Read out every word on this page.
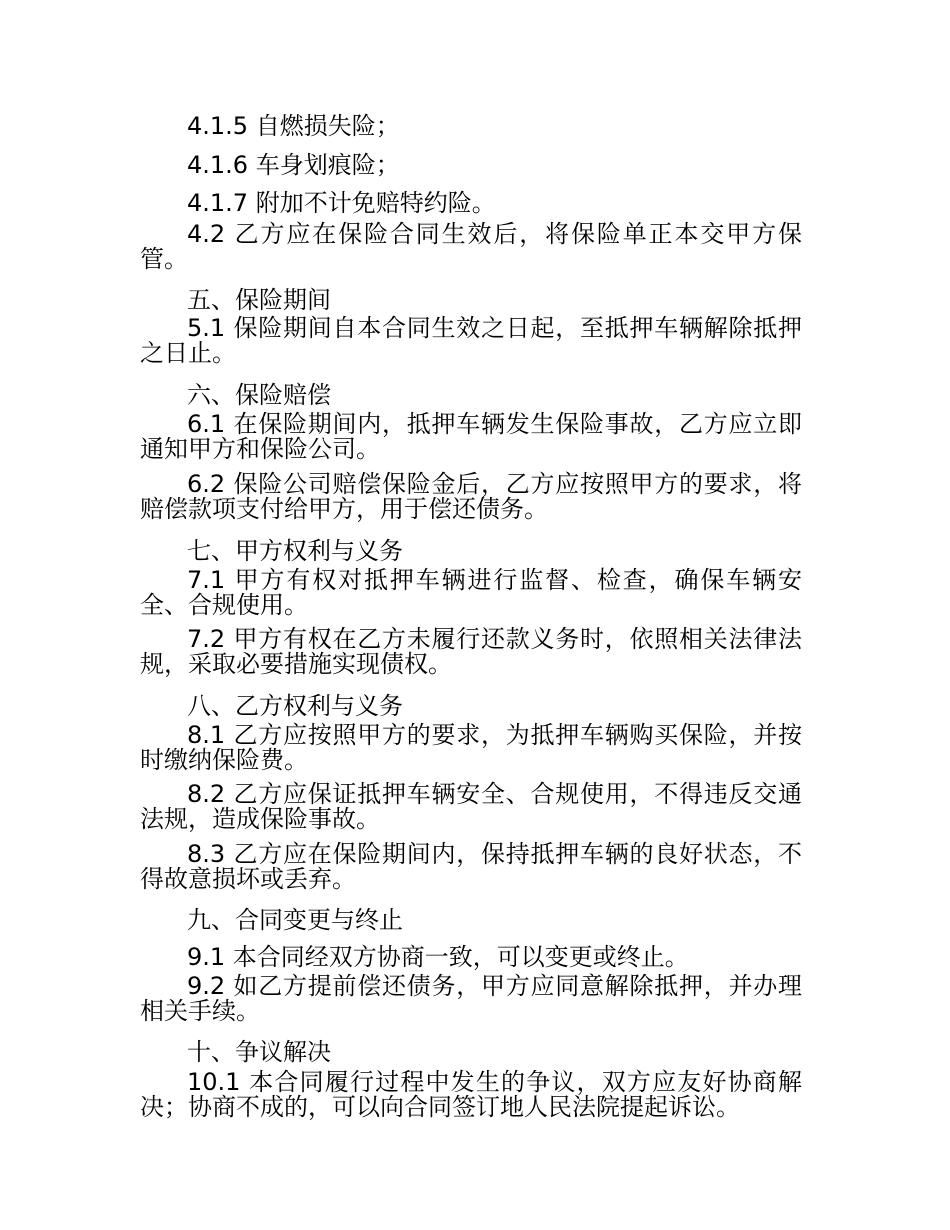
4.1.5 自燃损失险；
4.1.6 车身划痕险；
4.1.7 附加不计免赔特约险。
4.2 乙方应在保险合同生效后，将保险单正本交甲方保管。
五、保险期间
5.1 保险期间自本合同生效之日起，至抵押车辆解除抵押之日止。
六、保险赔偿
6.1 在保险期间内，抵押车辆发生保险事故，乙方应立即通知甲方和保险公司。
6.2 保险公司赔偿保险金后，乙方应按照甲方的要求，将赔偿款项支付给甲方，用于偿还债务。
七、甲方权利与义务
7.1 甲方有权对抵押车辆进行监督、检查，确保车辆安全、合规使用。
7.2 甲方有权在乙方未履行还款义务时，依照相关法律法规，采取必要措施实现债权。
八、乙方权利与义务
8.1 乙方应按照甲方的要求，为抵押车辆购买保险，并按时缴纳保险费。
8.2 乙方应保证抵押车辆安全、合规使用，不得违反交通法规，造成保险事故。
8.3 乙方应在保险期间内，保持抵押车辆的良好状态，不得故意损坏或丢弃。
九、合同变更与终止
9.1 本合同经双方协商一致，可以变更或终止。
9.2 如乙方提前偿还债务，甲方应同意解除抵押，并办理相关手续。
十、争议解决
10.1 本合同履行过程中发生的争议，双方应友好协商解决；协商不成的，可以向合同签订地人民法院提起诉讼。
